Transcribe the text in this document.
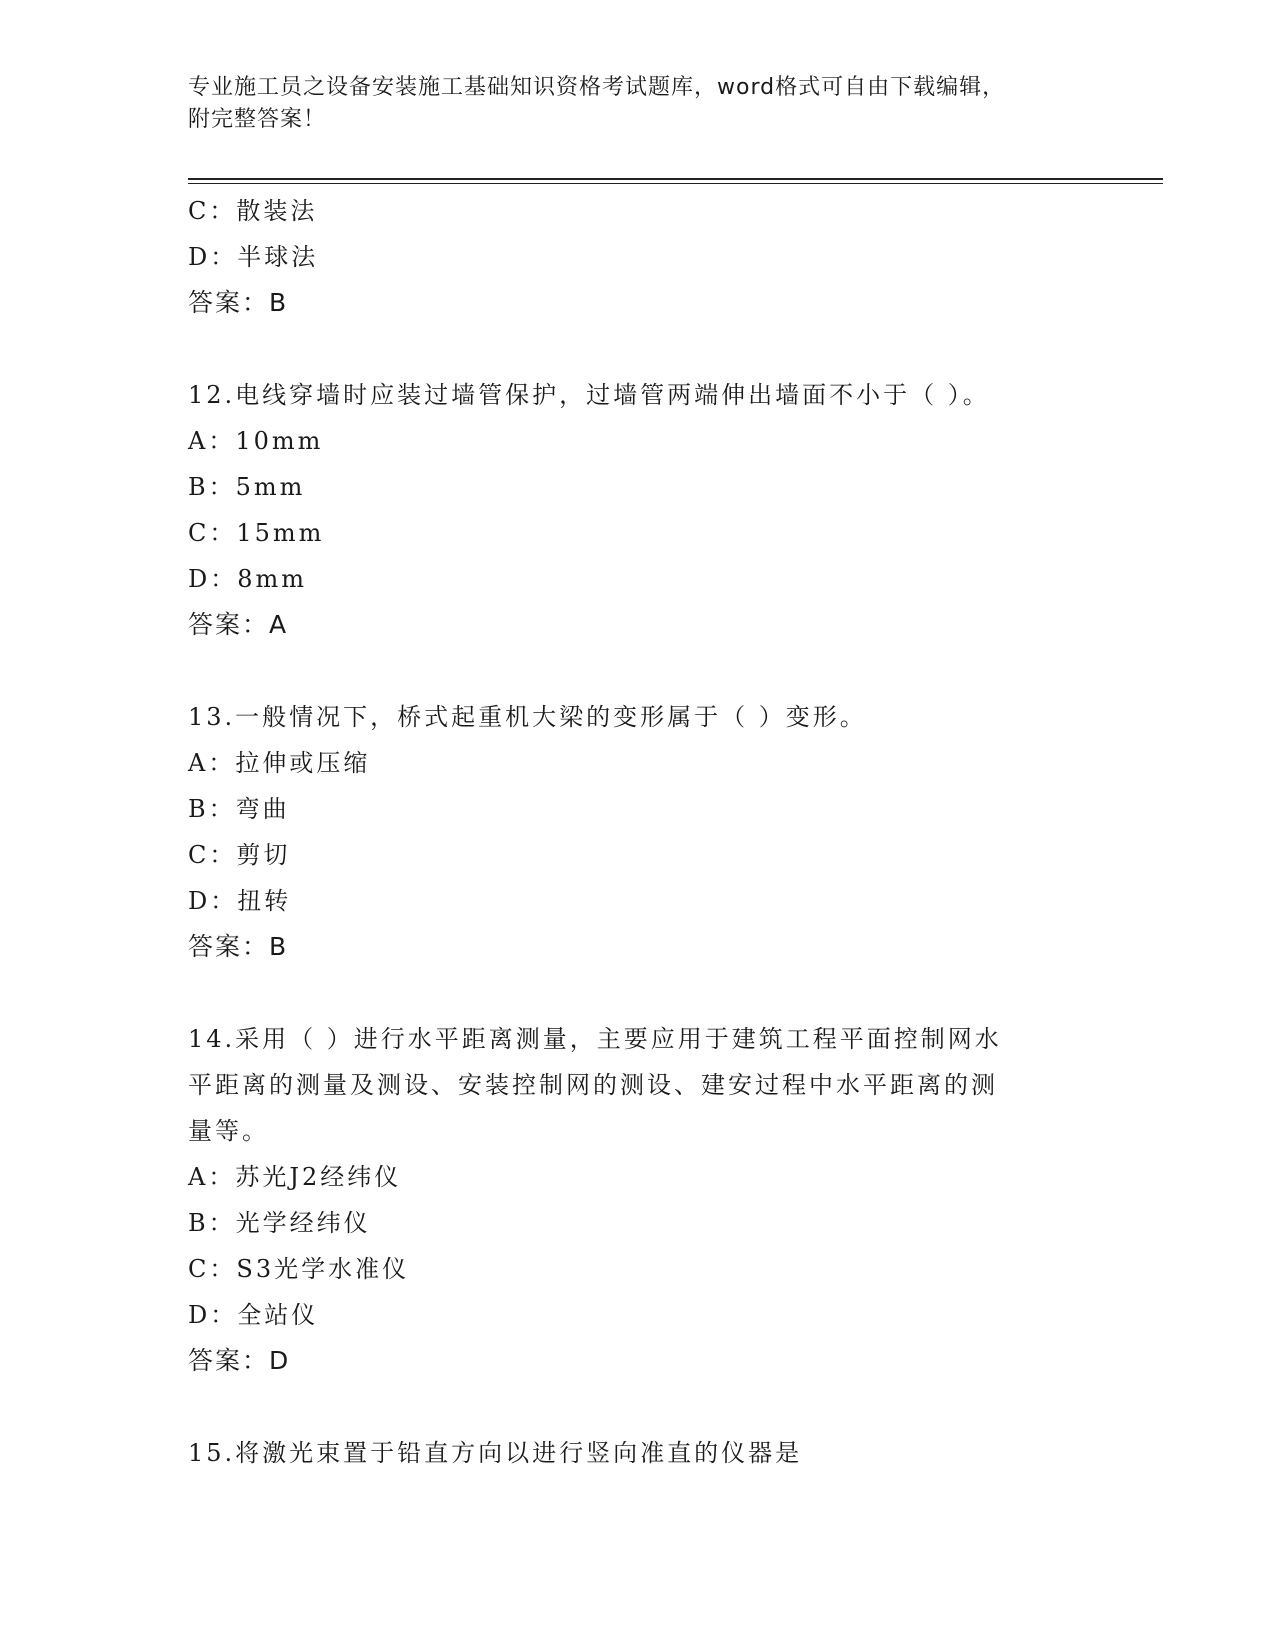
专业施工员之设备安装施工基础知识资格考试题库，word格式可自由下载编辑，
附完整答案！
C：散装法
D：半球法
答案：B
12.电线穿墙时应装过墙管保护，过墙管两端伸出墙面不小于（ ）。
A：10mm
B：5mm
C：15mm
D：8mm
答案：A
13.一般情况下，桥式起重机大梁的变形属于（ ）变形。
A：拉伸或压缩
B：弯曲
C：剪切
D：扭转
答案：B
14.采用（ ）进行水平距离测量，主要应用于建筑工程平面控制网水
平距离的测量及测设、安装控制网的测设、建安过程中水平距离的测
量等。
A：苏光J2经纬仪
B：光学经纬仪
C：S3光学水准仪
D：全站仪
答案：D
15.将激光束置于铅直方向以进行竖向准直的仪器是
